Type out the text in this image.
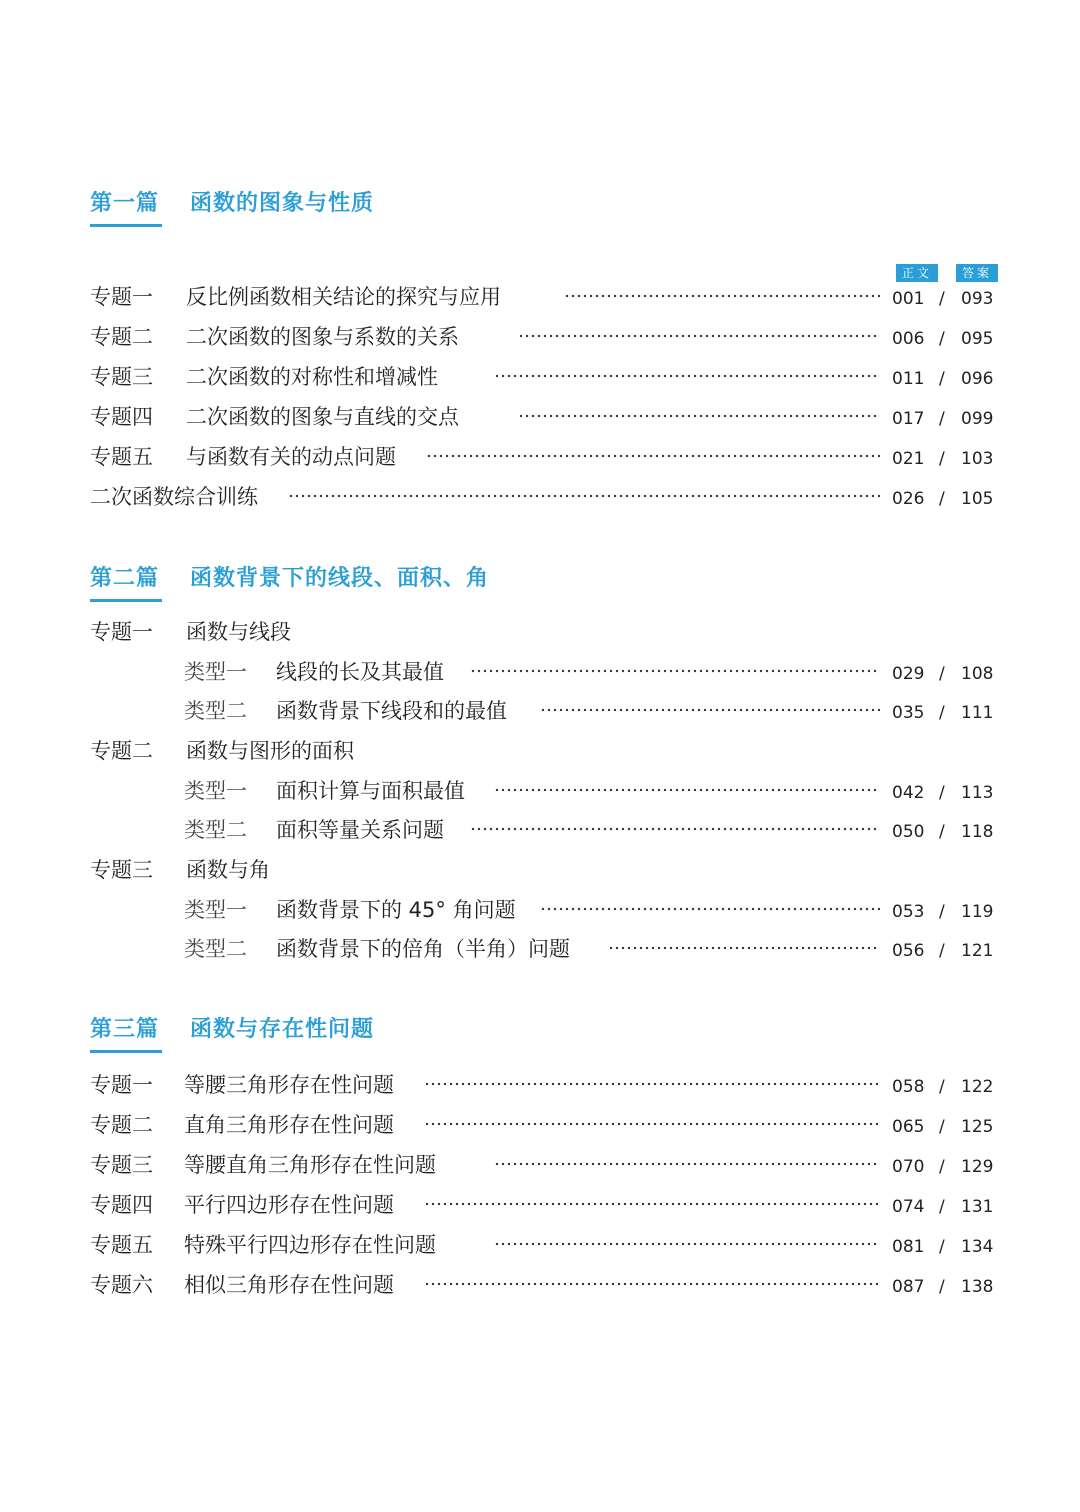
第一篇 函数的图象与性质
正文	答案
专题一 反比例函数相关结论的探究与应用	001 / 093
专题二 二次函数的图象与系数的关系	006 / 095
专题三 二次函数的对称性和增减性	011 / 096
专题四 二次函数的图象与直线的交点	017 / 099
专题五 与函数有关的动点问题	021 / 103
二次函数综合训练	026 / 105
第二篇 函数背景下的线段、面积、角
专题一 函数与线段
类型一 线段的长及其最值	029 / 108
类型二 函数背景下线段和的最值	035 / 111
专题二 函数与图形的面积
类型一 面积计算与面积最值	042 / 113
类型二 面积等量关系问题	050 / 118
专题三 函数与角
类型一 函数背景下的 45° 角问题	053 / 119
类型二 函数背景下的倍角（半角）问题	056 / 121
第三篇 函数与存在性问题
专题一 等腰三角形存在性问题	058 / 122
专题二 直角三角形存在性问题	065 / 125
专题三 等腰直角三角形存在性问题	070 / 129
专题四 平行四边形存在性问题	074 / 131
专题五 特殊平行四边形存在性问题	081 / 134
专题六 相似三角形存在性问题	087 / 138
